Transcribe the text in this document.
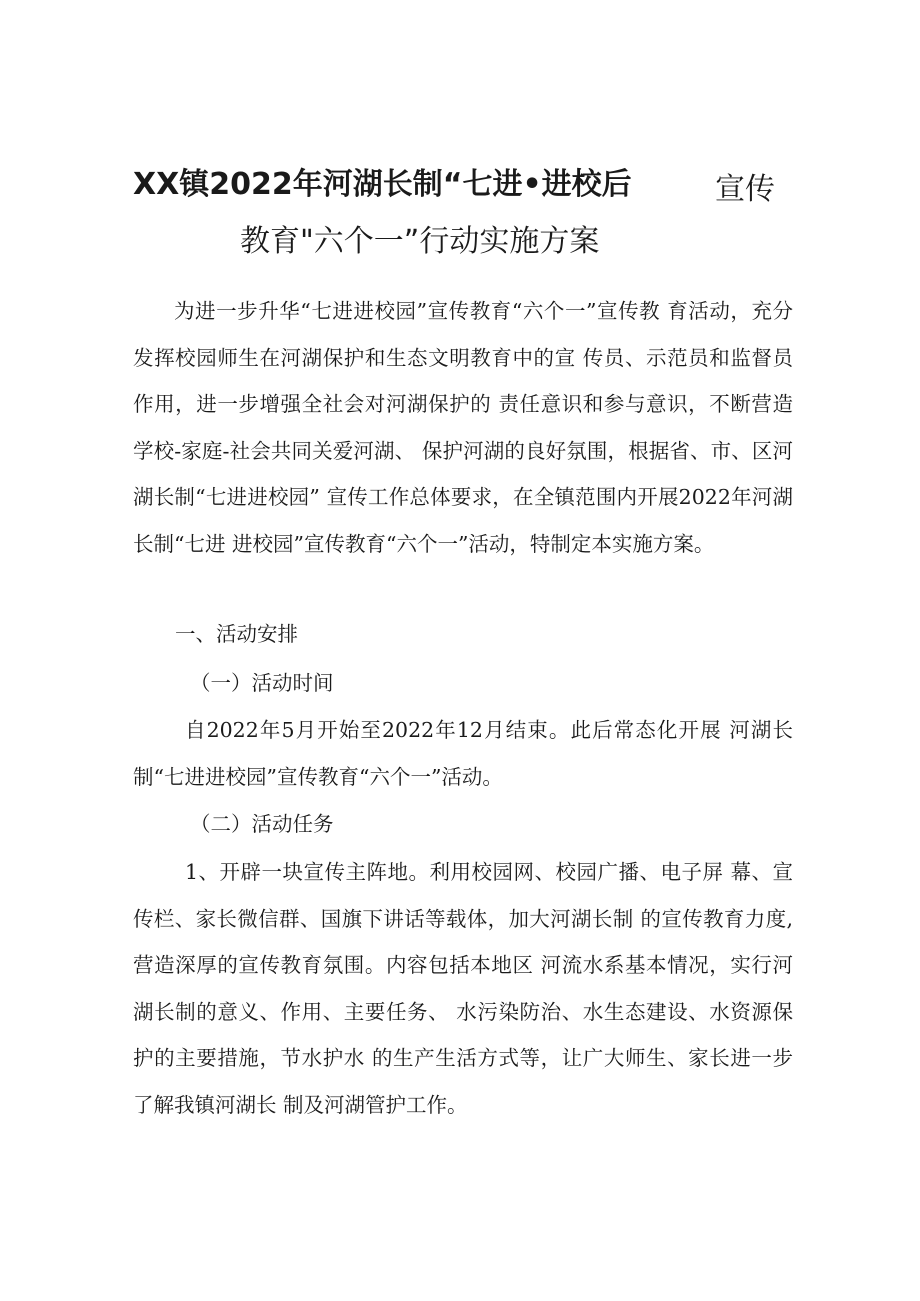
XX镇2022年河湖长制“七进•进校后	宣传
教育"六个一”行动实施方案

为进一步升华“七进进校园”宣传教育“六个一”宣传教 育活动，充分发挥校园师生在河湖保护和生态文明教育中的宣 传员、示范员和监督员作用，进一步增强全社会对河湖保护的 责任意识和参与意识，不断营造学校-家庭-社会共同关爱河湖、 保护河湖的良好氛围，根据省、市、区河湖长制“七进进校园” 宣传工作总体要求，在全镇范围内开展2022年河湖长制“七进 进校园”宣传教育“六个一”活动，特制定本实施方案。

一、活动安排

（一）活动时间

自2022年5月开始至2022年12月结束。此后常态化开展 河湖长制“七进进校园”宣传教育“六个一”活动。

（二）活动任务

1、开辟一块宣传主阵地。利用校园网、校园广播、电子屏 幕、宣传栏、家长微信群、国旗下讲话等载体，加大河湖长制 的宣传教育力度,营造深厚的宣传教育氛围。内容包括本地区 河流水系基本情况，实行河湖长制的意义、作用、主要任务、 水污染防治、水生态建设、水资源保护的主要措施，节水护水 的生产生活方式等，让广大师生、家长进一步了解我镇河湖长 制及河湖管护工作。
